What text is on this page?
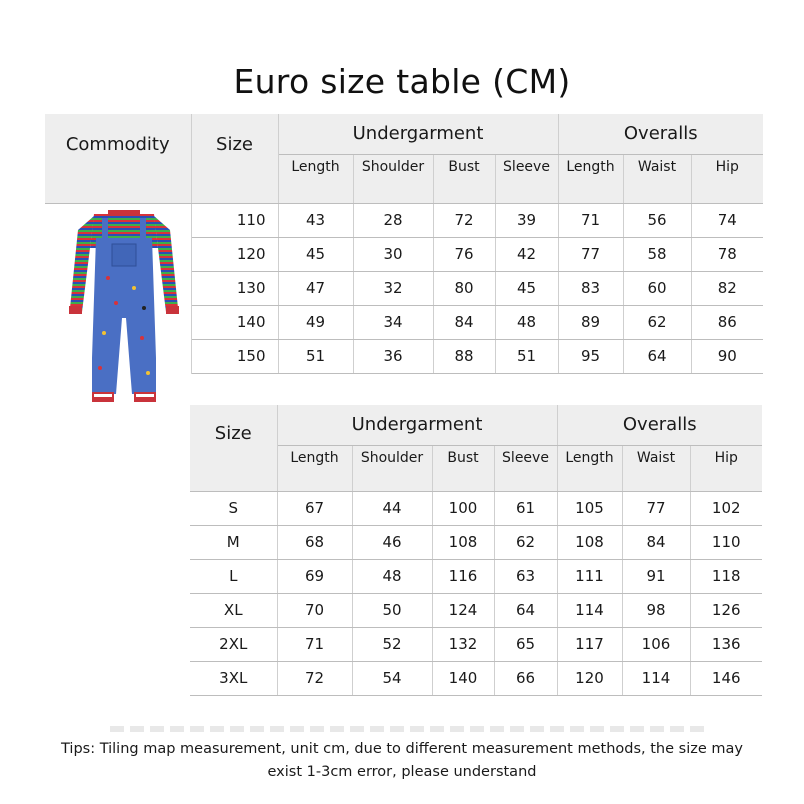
Euro size table (CM)
Commodity	Size	Undergarment				Overalls		
		Length	Shoulder	Bust	Sleeve	Length	Waist	Hip
	110	43	28	72	39	71	56	74
	120	45	30	76	42	77	58	78
	130	47	32	80	45	83	60	82
	140	49	34	84	48	89	62	86
	150	51	36	88	51	95	64	90
Size	Undergarment				Overalls		
	Length	Shoulder	Bust	Sleeve	Length	Waist	Hip
S	67	44	100	61	105	77	102
M	68	46	108	62	108	84	110
L	69	48	116	63	111	91	118
XL	70	50	124	64	114	98	126
2XL	71	52	132	65	117	106	136
3XL	72	54	140	66	120	114	146
Tips: Tiling map measurement, unit cm, due to different measurement methods, the size may
exist 1-3cm error, please understand
